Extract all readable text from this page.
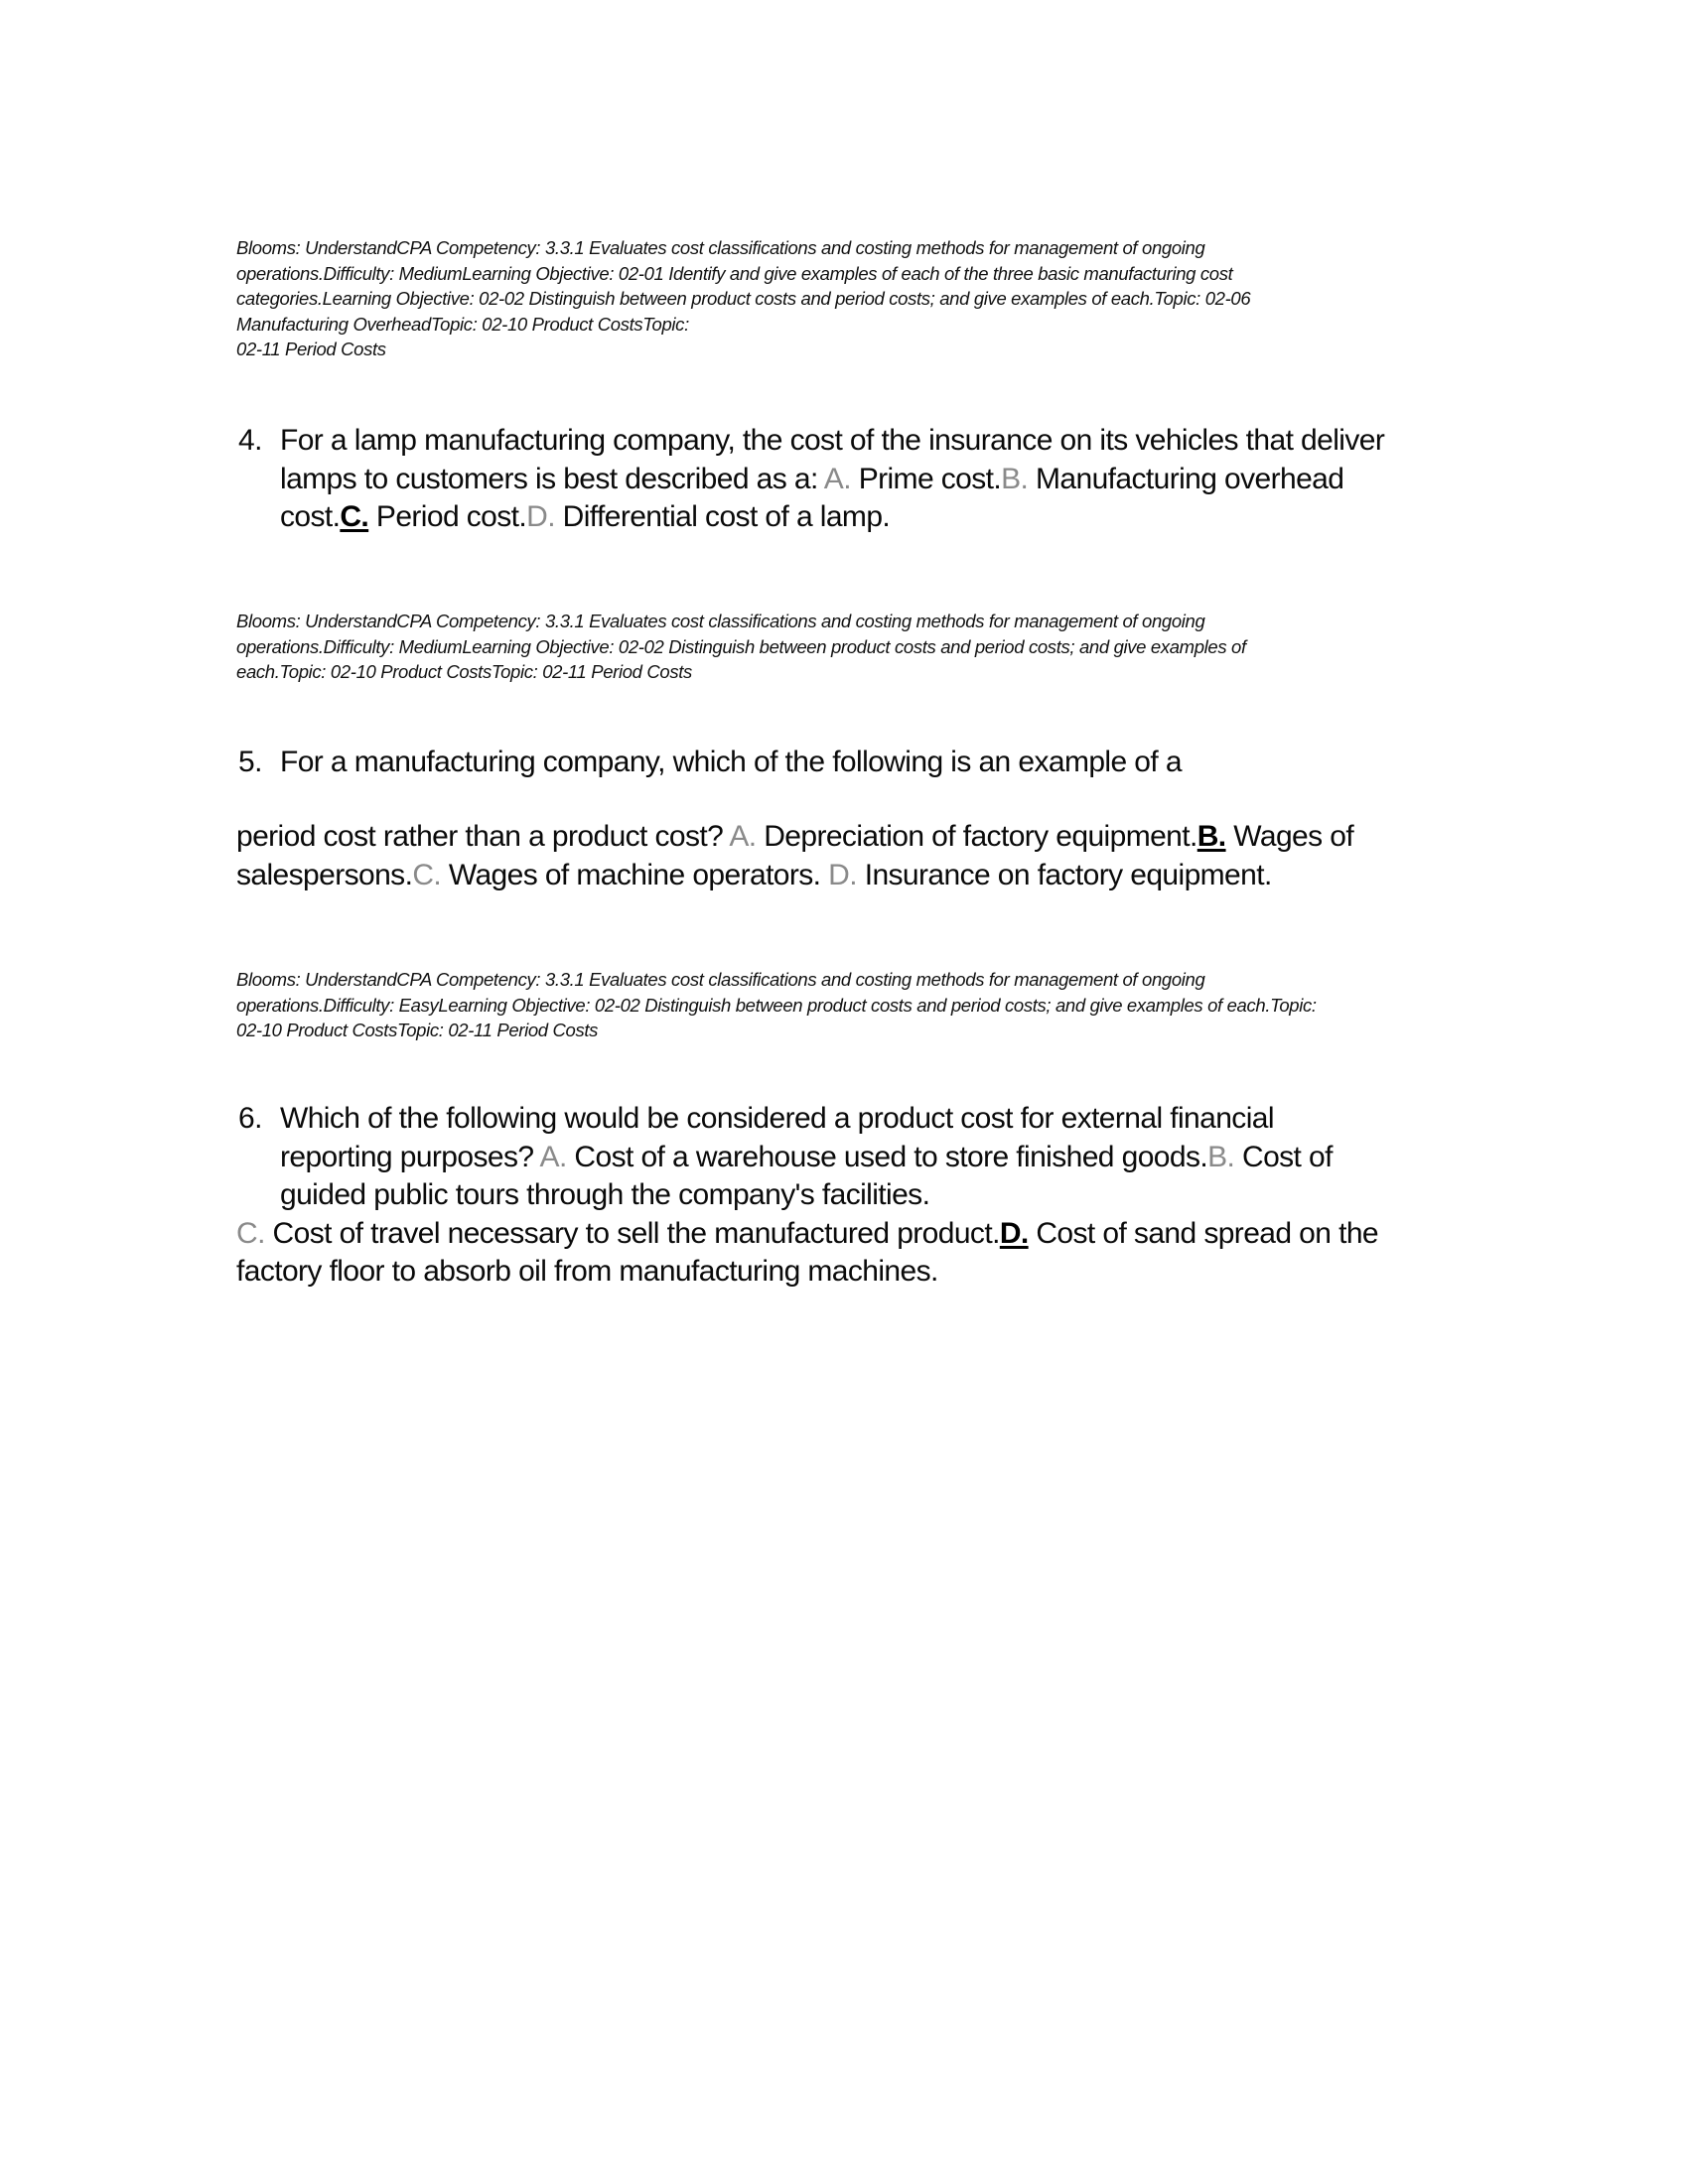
Blooms: UnderstandCPA Competency: 3.3.1 Evaluates cost classifications and costing methods for management of ongoing
operations.Difficulty: MediumLearning Objective: 02-01 Identify and give examples of each of the three basic manufacturing cost
categories.Learning Objective: 02-02 Distinguish between product costs and period costs; and give examples of each.Topic: 02-06
Manufacturing OverheadTopic: 02-10 Product CostsTopic:
02-11 Period Costs
4. For a lamp manufacturing company, the cost of the insurance on its vehicles that deliver
lamps to customers is best described as a: A. Prime cost.B. Manufacturing overhead
cost.C. Period cost.D. Differential cost of a lamp.
Blooms: UnderstandCPA Competency: 3.3.1 Evaluates cost classifications and costing methods for management of ongoing
operations.Difficulty: MediumLearning Objective: 02-02 Distinguish between product costs and period costs; and give examples of
each.Topic: 02-10 Product CostsTopic: 02-11 Period Costs
5. For a manufacturing company, which of the following is an example of a
period cost rather than a product cost? A. Depreciation of factory equipment.B. Wages of
salespersons.C. Wages of machine operators. D. Insurance on factory equipment.
Blooms: UnderstandCPA Competency: 3.3.1 Evaluates cost classifications and costing methods for management of ongoing
operations.Difficulty: EasyLearning Objective: 02-02 Distinguish between product costs and period costs; and give examples of each.Topic:
02-10 Product CostsTopic: 02-11 Period Costs
6. Which of the following would be considered a product cost for external financial
reporting purposes? A. Cost of a warehouse used to store finished goods.B. Cost of
guided public tours through the company's facilities.
C. Cost of travel necessary to sell the manufactured product.D. Cost of sand spread on the
factory floor to absorb oil from manufacturing machines.
